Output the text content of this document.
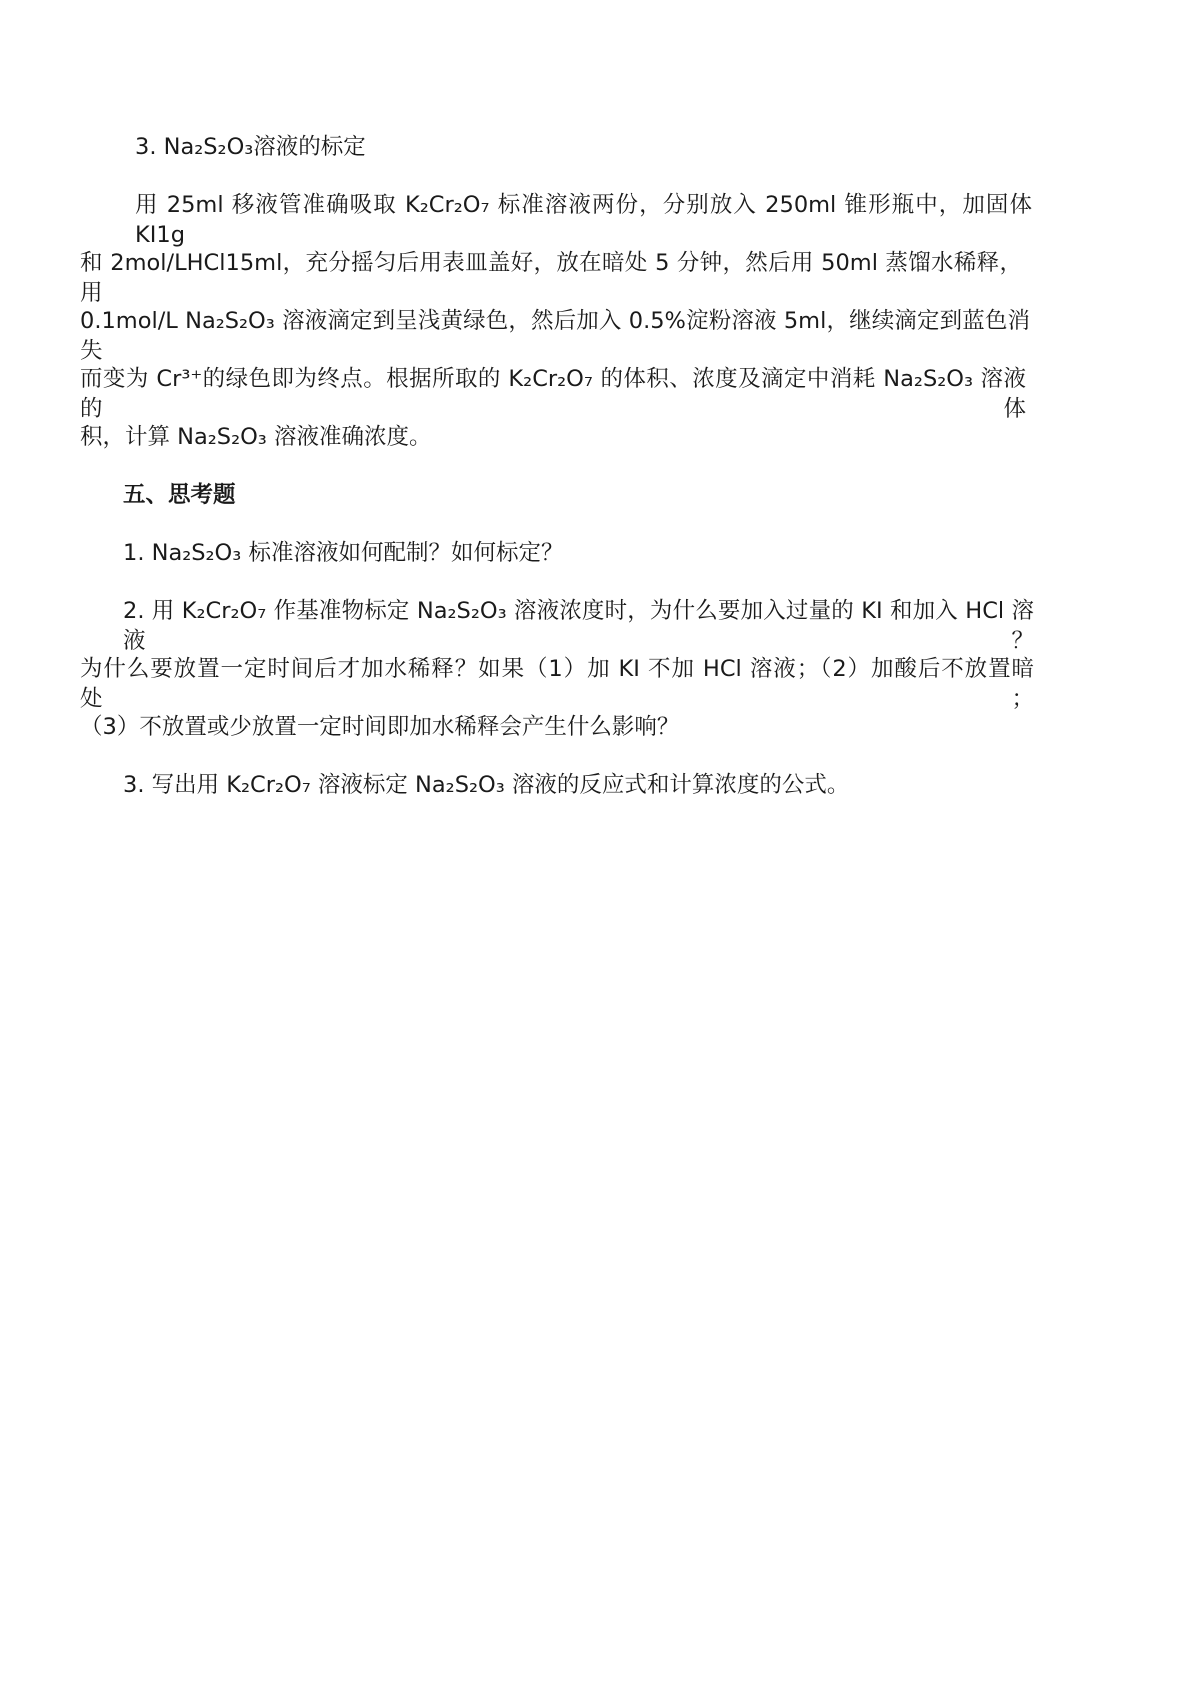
3. Na₂S₂O₃溶液的标定
用 25ml 移液管准确吸取 K₂Cr₂O₇ 标准溶液两份，分别放入 250ml 锥形瓶中，加固体 KI1g
和 2mol/LHCl15ml，充分摇匀后用表皿盖好，放在暗处 5 分钟，然后用 50ml 蒸馏水稀释， 用
0.1mol/L Na₂S₂O₃ 溶液滴定到呈浅黄绿色，然后加入 0.5%淀粉溶液 5ml，继续滴定到蓝色消失
而变为 Cr³⁺的绿色即为终点。根据所取的 K₂Cr₂O₇ 的体积、浓度及滴定中消耗 Na₂S₂O₃ 溶液的体
积，计算 Na₂S₂O₃ 溶液准确浓度。
五、思考题
1. Na₂S₂O₃ 标准溶液如何配制？如何标定？
2. 用 K₂Cr₂O₇ 作基准物标定 Na₂S₂O₃ 溶液浓度时，为什么要加入过量的 KI 和加入 HCl 溶液？
为什么要放置一定时间后才加水稀释？如果（1）加 KI 不加 HCl 溶液；（2）加酸后不放置暗处；
（3）不放置或少放置一定时间即加水稀释会产生什么影响？
3. 写出用 K₂Cr₂O₇ 溶液标定 Na₂S₂O₃ 溶液的反应式和计算浓度的公式。
